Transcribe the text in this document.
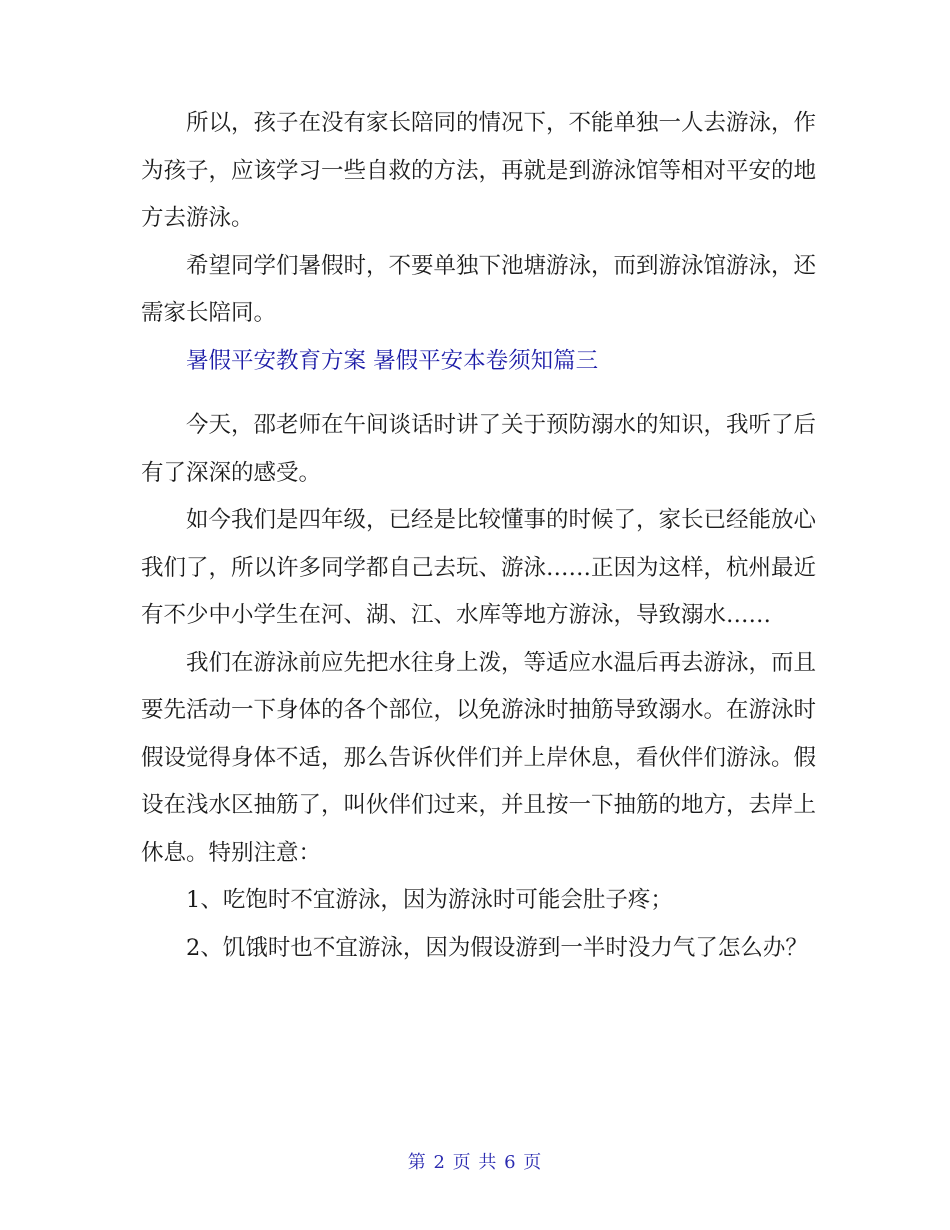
所以，孩子在没有家长陪同的情况下，不能单独一人去游泳，作为孩子，应该学习一些自救的方法，再就是到游泳馆等相对平安的地方去游泳。

希望同学们暑假时，不要单独下池塘游泳，而到游泳馆游泳，还需家长陪同。

暑假平安教育方案 暑假平安本卷须知篇三

今天，邵老师在午间谈话时讲了关于预防溺水的知识，我听了后有了深深的感受。

如今我们是四年级，已经是比较懂事的时候了，家长已经能放心我们了，所以许多同学都自己去玩、游泳……正因为这样，杭州最近有不少中小学生在河、湖、江、水库等地方游泳，导致溺水……

我们在游泳前应先把水往身上泼，等适应水温后再去游泳，而且要先活动一下身体的各个部位，以免游泳时抽筋导致溺水。在游泳时假设觉得身体不适，那么告诉伙伴们并上岸休息，看伙伴们游泳。假设在浅水区抽筋了，叫伙伴们过来，并且按一下抽筋的地方，去岸上休息。特别注意：

1、吃饱时不宜游泳，因为游泳时可能会肚子疼；

2、饥饿时也不宜游泳，因为假设游到一半时没力气了怎么办？

第 2 页 共 6 页
